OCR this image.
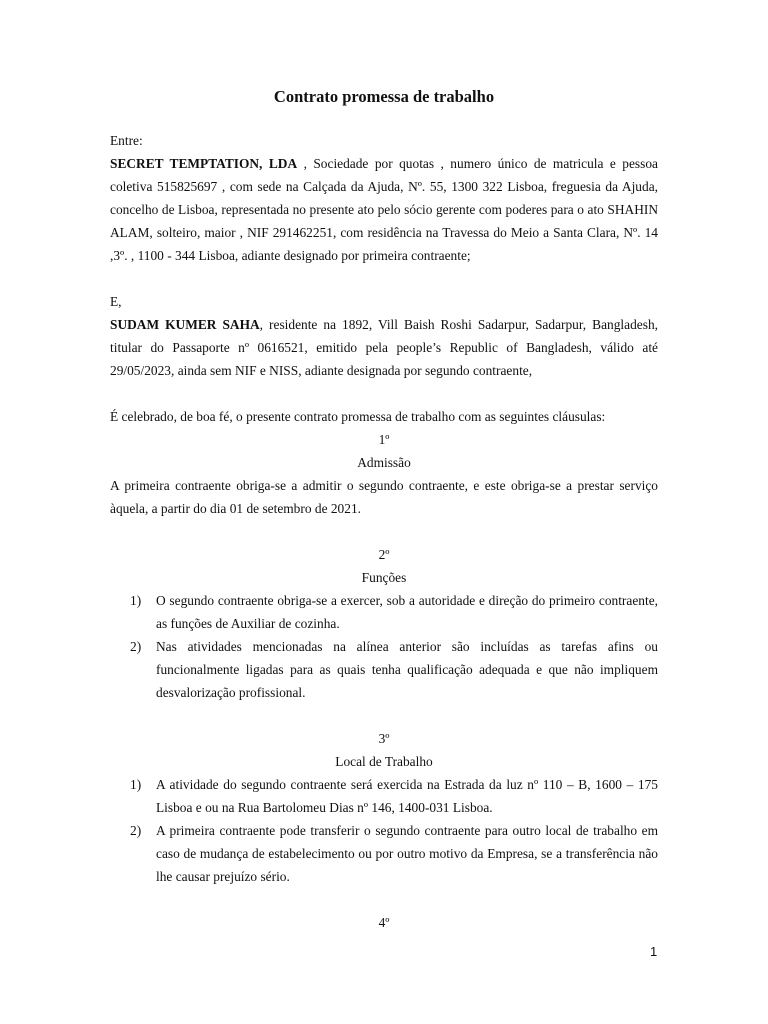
Contrato promessa de trabalho

Entre:

SECRET TEMPTATION, LDA , Sociedade por quotas , numero único de matricula e pessoa coletiva 515825697 , com sede na Calçada da Ajuda, Nº. 55, 1300 322 Lisboa, freguesia da Ajuda, concelho de Lisboa, representada no presente ato pelo sócio gerente com poderes para o ato SHAHIN ALAM, solteiro, maior , NIF 291462251, com residência na Travessa do Meio a Santa Clara, Nº. 14 ,3º. , 1100 - 344 Lisboa, adiante designado por primeira contraente;

E,

SUDAM KUMER SAHA, residente na 1892, Vill Baish Roshi Sadarpur, Sadarpur, Bangladesh, titular do Passaporte nº 0616521, emitido pela people’s Republic of Bangladesh, válido até 29/05/2023, ainda sem NIF e NISS, adiante designada por segundo contraente,

É celebrado, de boa fé, o presente contrato promessa de trabalho com as seguintes cláusulas:

1º

Admissão

A primeira contraente obriga-se a admitir o segundo contraente, e este obriga-se a prestar serviço àquela, a partir do dia 01 de setembro de 2021.

2º

Funções

1) O segundo contraente obriga-se a exercer, sob a autoridade e direção do primeiro contraente, as funções de Auxiliar de cozinha.
2) Nas atividades mencionadas na alínea anterior são incluídas as tarefas afins ou funcionalmente ligadas para as quais tenha qualificação adequada e que não impliquem desvalorização profissional.

3º

Local de Trabalho

1) A atividade do segundo contraente será exercida na Estrada da luz nº 110 – B, 1600 – 175 Lisboa e ou na Rua Bartolomeu Dias nº 146, 1400-031 Lisboa.
2) A primeira contraente pode transferir o segundo contraente para outro local de trabalho em caso de mudança de estabelecimento ou por outro motivo da Empresa, se a transferência não lhe causar prejuízo sério.

4º

1
